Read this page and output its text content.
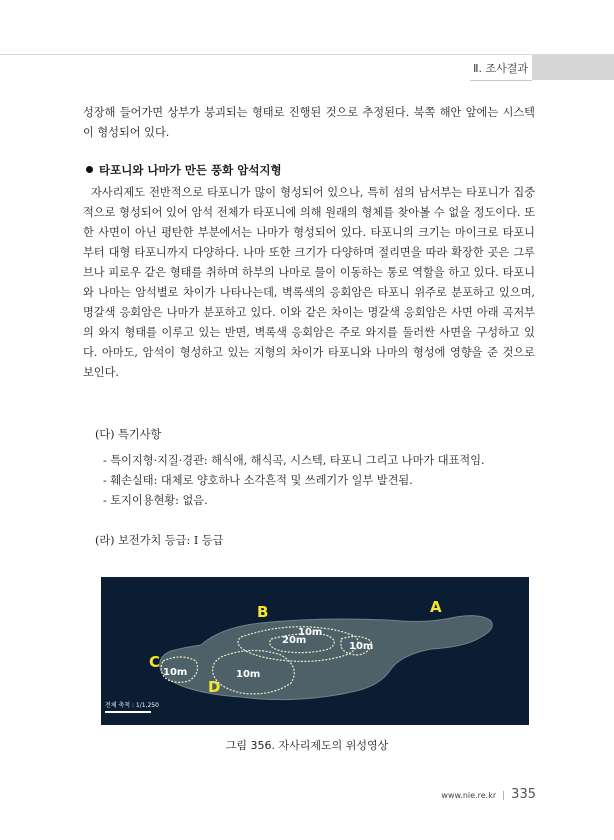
Ⅱ. 조사결과

성장해 들어가면 상부가 붕괴되는 형태로 진행된 것으로 추정된다. 북쪽 해안 앞에는 시스텍이 형성되어 있다.

타포니와 나마가 만든 풍화 암석지형

자사리제도 전반적으로 타포니가 많이 형성되어 있으나, 특히 섬의 남서부는 타포니가 집중적으로 형성되어 있어 암석 전체가 타포니에 의해 원래의 형체를 찾아볼 수 없을 정도이다. 또한 사면이 아닌 평탄한 부분에서는 나마가 형성되어 있다. 타포니의 크기는 마이크로 타포니부터 대형 타포니까지 다양하다. 나마 또한 크기가 다양하며 절리면을 따라 확장한 곳은 그루브나 피로우 같은 형태를 취하며 하부의 나마로 물이 이동하는 통로 역할을 하고 있다. 타포니와 나마는 암석별로 차이가 나타나는데, 벽록색의 응회암은 타포니 위주로 분포하고 있으며, 명갈색 응회암은 나마가 분포하고 있다. 이와 같은 차이는 명갈색 응회암은 사면 아래 곡저부의 와지 형태를 이루고 있는 반면, 벽록색 응회암은 주로 와지를 둘러싼 사면을 구성하고 있다. 아마도, 암석이 형성하고 있는 지형의 차이가 타포니와 나마의 형성에 영향을 준 것으로 보인다.

(다) 특기사항
- 특이지형·지질·경관: 해식애, 해식곡, 시스텍, 타포니 그리고 나마가 대표적임.
- 훼손실태: 대체로 양호하나 소각흔적 및 쓰레기가 일부 발견됨.
- 토지이용현황: 없음.
(라) 보전가치 등급: Ⅰ 등급
B	A
C
D
10m
20m
10m
10m	10m
전체 축척 : 1/1,250
그림 356. 자사리제도의 위성영상
www.nie.re.kr | 335
